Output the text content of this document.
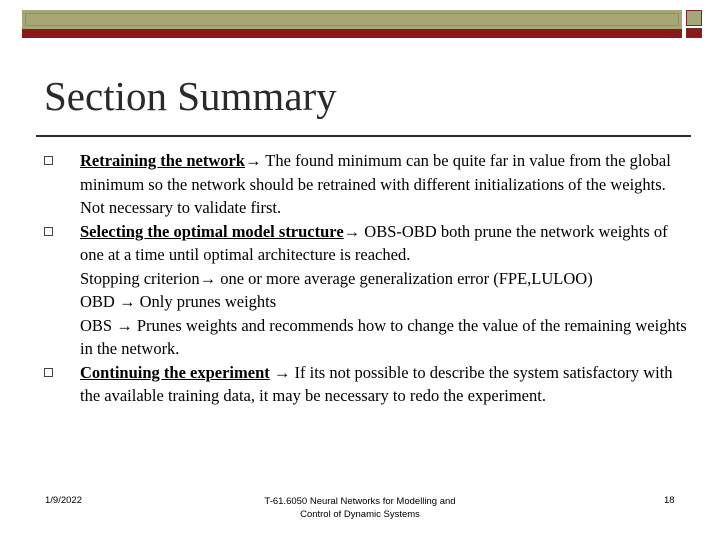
Section Summary
Retraining the network→ The found minimum can be quite far in value from the global minimum so the network should be retrained with different initializations of the weights. Not necessary to validate first.
Selecting the optimal model structure→ OBS-OBD both prune the network weights of one at a time until optimal architecture is reached.
Stopping criterion→ one or more average generalization error (FPE,LULOO)
OBD → Only prunes weights
OBS → Prunes weights and recommends how to change the value of the remaining weights in the network.
Continuing the experiment → If its not possible to describe the system satisfactory with the available training data, it may be necessary to redo the experiment.
1/9/2022	T-61.6050 Neural Networks for Modelling and
Control of Dynamic Systems
18
